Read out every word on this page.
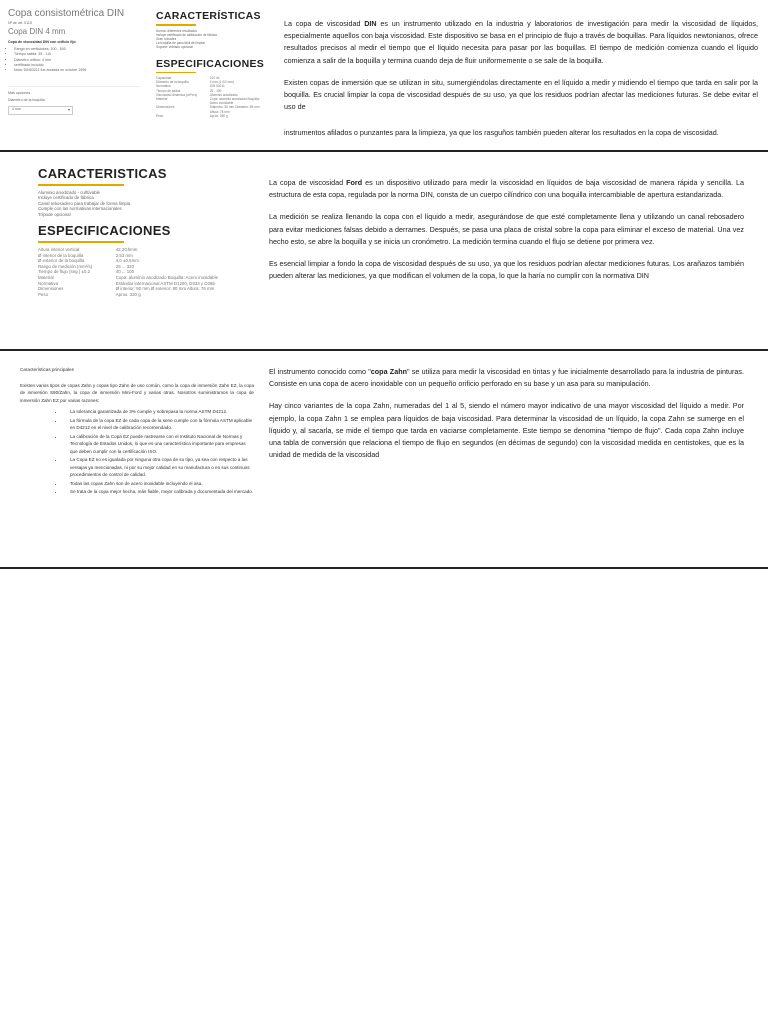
Copa consistométrica DIN
Nº de art. 0115
Copa DIN 4 mm
Copa de viscosidad DIN con orificio fijo
• Rango en centistokes: 100 - 500
• Tiempo salida: 35 - 110
• Diámetro orificio: 4 mm
• certificado incluido
• Nota: DIN53211 fue anulada en octubre 1996
Más opciones
Diámetro de la boquilla
4 mm	▾
CARACTERÍSTICAS
Norma: diferentes resultados
Incluye certificado de calibración de fábrica
Gran robustez
La boquilla de paso fácil de limpiar
Soporte: vidriado opcional
ESPECIFICACIONES
Capacidad	100 ml
Diámetro de la boquilla	4 mm (1,0/2 mm)
Normativa	DIN 53211
Tiempo de salida	25 - 150
Viscosidad dinámica (mPa·s)	Aluminio anodizado
Material	Copa: aluminio anodizado Boquilla: Acero inoxidable
Dimensiones	Diámetro: 50 mm Diámetro: 89 mm Altura: 78 mm
Peso	Aprox. 280 g

La copa de viscosidad DIN es un instrumento utilizado en la industria y laboratorios de investigación para medir la viscosidad de líquidos, especialmente aquellos con baja viscosidad. Este dispositivo se basa en el principio de flujo a través de boquillas. Para líquidos newtonianos, ofrece resultados precisos al medir el tiempo que el líquido necesita para pasar por las boquillas. El tiempo de medición comienza cuando el líquido comienza a salir de la boquilla y termina cuando deja de fluir uniformemente o se sale de la boquilla.

Existen copas de inmersión que se utilizan in situ, sumergiéndolas directamente en el líquido a medir y midiendo el tiempo que tarda en salir por la boquilla. Es crucial limpiar la copa de viscosidad después de su uso, ya que los residuos podrían afectar las mediciones futuras. Se debe evitar el uso de

instrumentos afilados o punzantes para la limpieza, ya que los rasguños también pueden alterar los resultados en la copa de viscosidad.

CARACTERISTICAS
Aluminio anodizado - cuñtivable
Incluye certificado de fábrica
Canal rebosadero para trabajar de forma limpia
Cumple con las normativas internacionales
Trípode opcional
ESPECIFICACIONES
Altura interior vertical	42,2Ghmm
Ø interior de la boquilla	2,53 mm
Ø exterior de la boquilla	4,0 ±0,5mm
Rango de medición (mm²/s)	25 ... 320
Tiempo de flujo (seg.) ±0,2	40 ... 100
Material	Copa: aluminio anodizado Boquilla: Acero inoxidable
Normativa	Estándar internacional ASTM D1200, D333 y D365
Dimensiones	Ø interior: 50 mm Ø exterior: 80 mm Altura: 76 mm
Peso	Aprox. 320 g

La copa de viscosidad Ford es un dispositivo utilizado para medir la viscosidad en líquidos de baja viscosidad de manera rápida y sencilla. La estructura de esta copa, regulada por la norma DIN, consta de un cuerpo cilíndrico con una boquilla intercambiable de apertura estandarizada.

La medición se realiza llenando la copa con el líquido a medir, asegurándose de que esté completamente llena y utilizando un canal rebosadero para evitar mediciones falsas debido a derrames. Después, se pasa una placa de cristal sobre la copa para eliminar el exceso de material. Una vez hecho esto, se abre la boquilla y se inicia un cronómetro. La medición termina cuando el flujo se detiene por primera vez.

Es esencial limpiar a fondo la copa de viscosidad después de su uso, ya que los residuos podrían afectar mediciones futuras. Los arañazos también pueden alterar las mediciones, ya que modifican el volumen de la copa, lo que la haría no cumplir con la normativa DIN

Características principales
Existen varios tipos de copas Zahn y copas tipo Zahn de uso común, como la copa de inmersión Zahn EZ, la copa de inmersión S90/Zahn, la copa de inmersión Mini-Ford y varias otras. Nosotros suministramos la copa de inmersión Zahn EZ por varias razones:
• La tolerancia garantizada de 3% cumple y sobrepasa la norma ASTM D4212.
• La fórmula de la copa EZ de cada copa de la serie cumple con la fórmula ASTM aplicable en D4212 en el nivel de calibración recomendado.
• La calibración de la Copa EZ puede rastrearse con el Instituto Nacional de Normas y Tecnología de Estados Unidos, lo que es una característica importante para empresas que deben cumplir con la certificación ISO.
• La Copa EZ no es igualada por ninguna otra copa de su tipo, ya sea con respecto a las ventajas ya mencionadas, ni por su mejor calidad en su manufactura o en sus continuos procedimientos de control de calidad.
• Todas las copas Zahn son de acero inoxidable incluyendo el asa.
• Se trata de la copa mejor hecha, más fiable, mejor calibrada y documentada del mercado.

El instrumento conocido como "copa Zahn" se utiliza para medir la viscosidad en tintas y fue inicialmente desarrollado para la industria de pinturas. Consiste en una copa de acero inoxidable con un pequeño orificio perforado en su base y un asa para su manipulación.

Hay cinco variantes de la copa Zahn, numeradas del 1 al 5, siendo el número mayor indicativo de una mayor viscosidad del líquido a medir. Por ejemplo, la copa Zahn 1 se emplea para líquidos de baja viscosidad. Para determinar la viscosidad de un líquido, la copa Zahn se sumerge en el líquido y, al sacarla, se mide el tiempo que tarda en vaciarse completamente. Este tiempo se denomina "tiempo de flujo". Cada copa Zahn incluye una tabla de conversión que relaciona el tiempo de flujo en segundos (en décimas de segundo) con la viscosidad medida en centistokes, que es la unidad de medida de la viscosidad
